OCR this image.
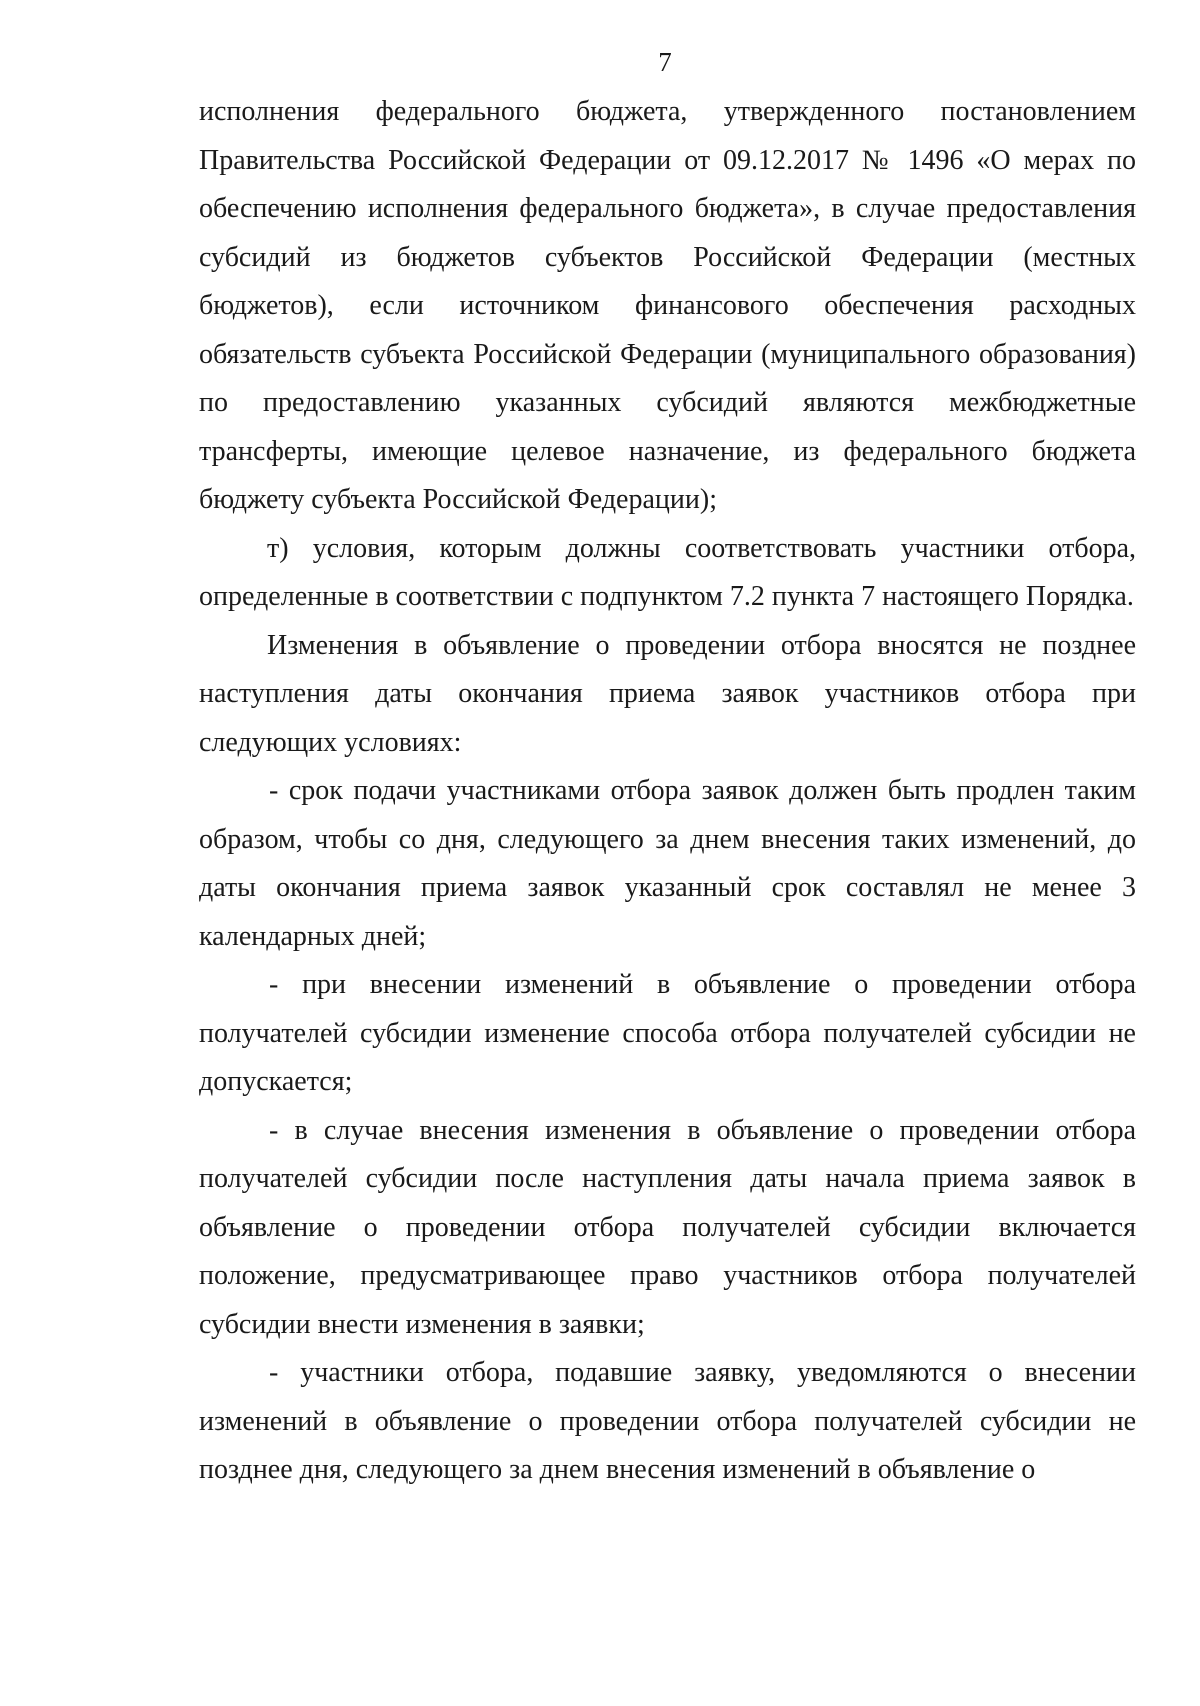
7

исполнения федерального бюджета, утвержденного постановлением Правительства Российской Федерации от 09.12.2017 № 1496 «О мерах по обеспечению исполнения федерального бюджета», в случае предоставления субсидий из бюджетов субъектов Российской Федерации (местных бюджетов), если источником финансового обеспечения расходных обязательств субъекта Российской Федерации (муниципального образования) по предоставлению указанных субсидий являются межбюджетные трансферты, имеющие целевое назначение, из федерального бюджета бюджету субъекта Российской Федерации);

т) условия, которым должны соответствовать участники отбора, определенные в соответствии с подпунктом 7.2 пункта 7 настоящего Порядка.

Изменения в объявление о проведении отбора вносятся не позднее наступления даты окончания приема заявок участников отбора при следующих условиях:

- срок подачи участниками отбора заявок должен быть продлен таким образом, чтобы со дня, следующего за днем внесения таких изменений, до даты окончания приема заявок указанный срок составлял не менее 3 календарных дней;

- при внесении изменений в объявление о проведении отбора получателей субсидии изменение способа отбора получателей субсидии не допускается;

- в случае внесения изменения в объявление о проведении отбора получателей субсидии после наступления даты начала приема заявок в объявление о проведении отбора получателей субсидии включается положение, предусматривающее право участников отбора получателей субсидии внести изменения в заявки;

- участники отбора, подавшие заявку, уведомляются о внесении изменений в объявление о проведении отбора получателей субсидии не позднее дня, следующего за днем внесения изменений в объявление о
